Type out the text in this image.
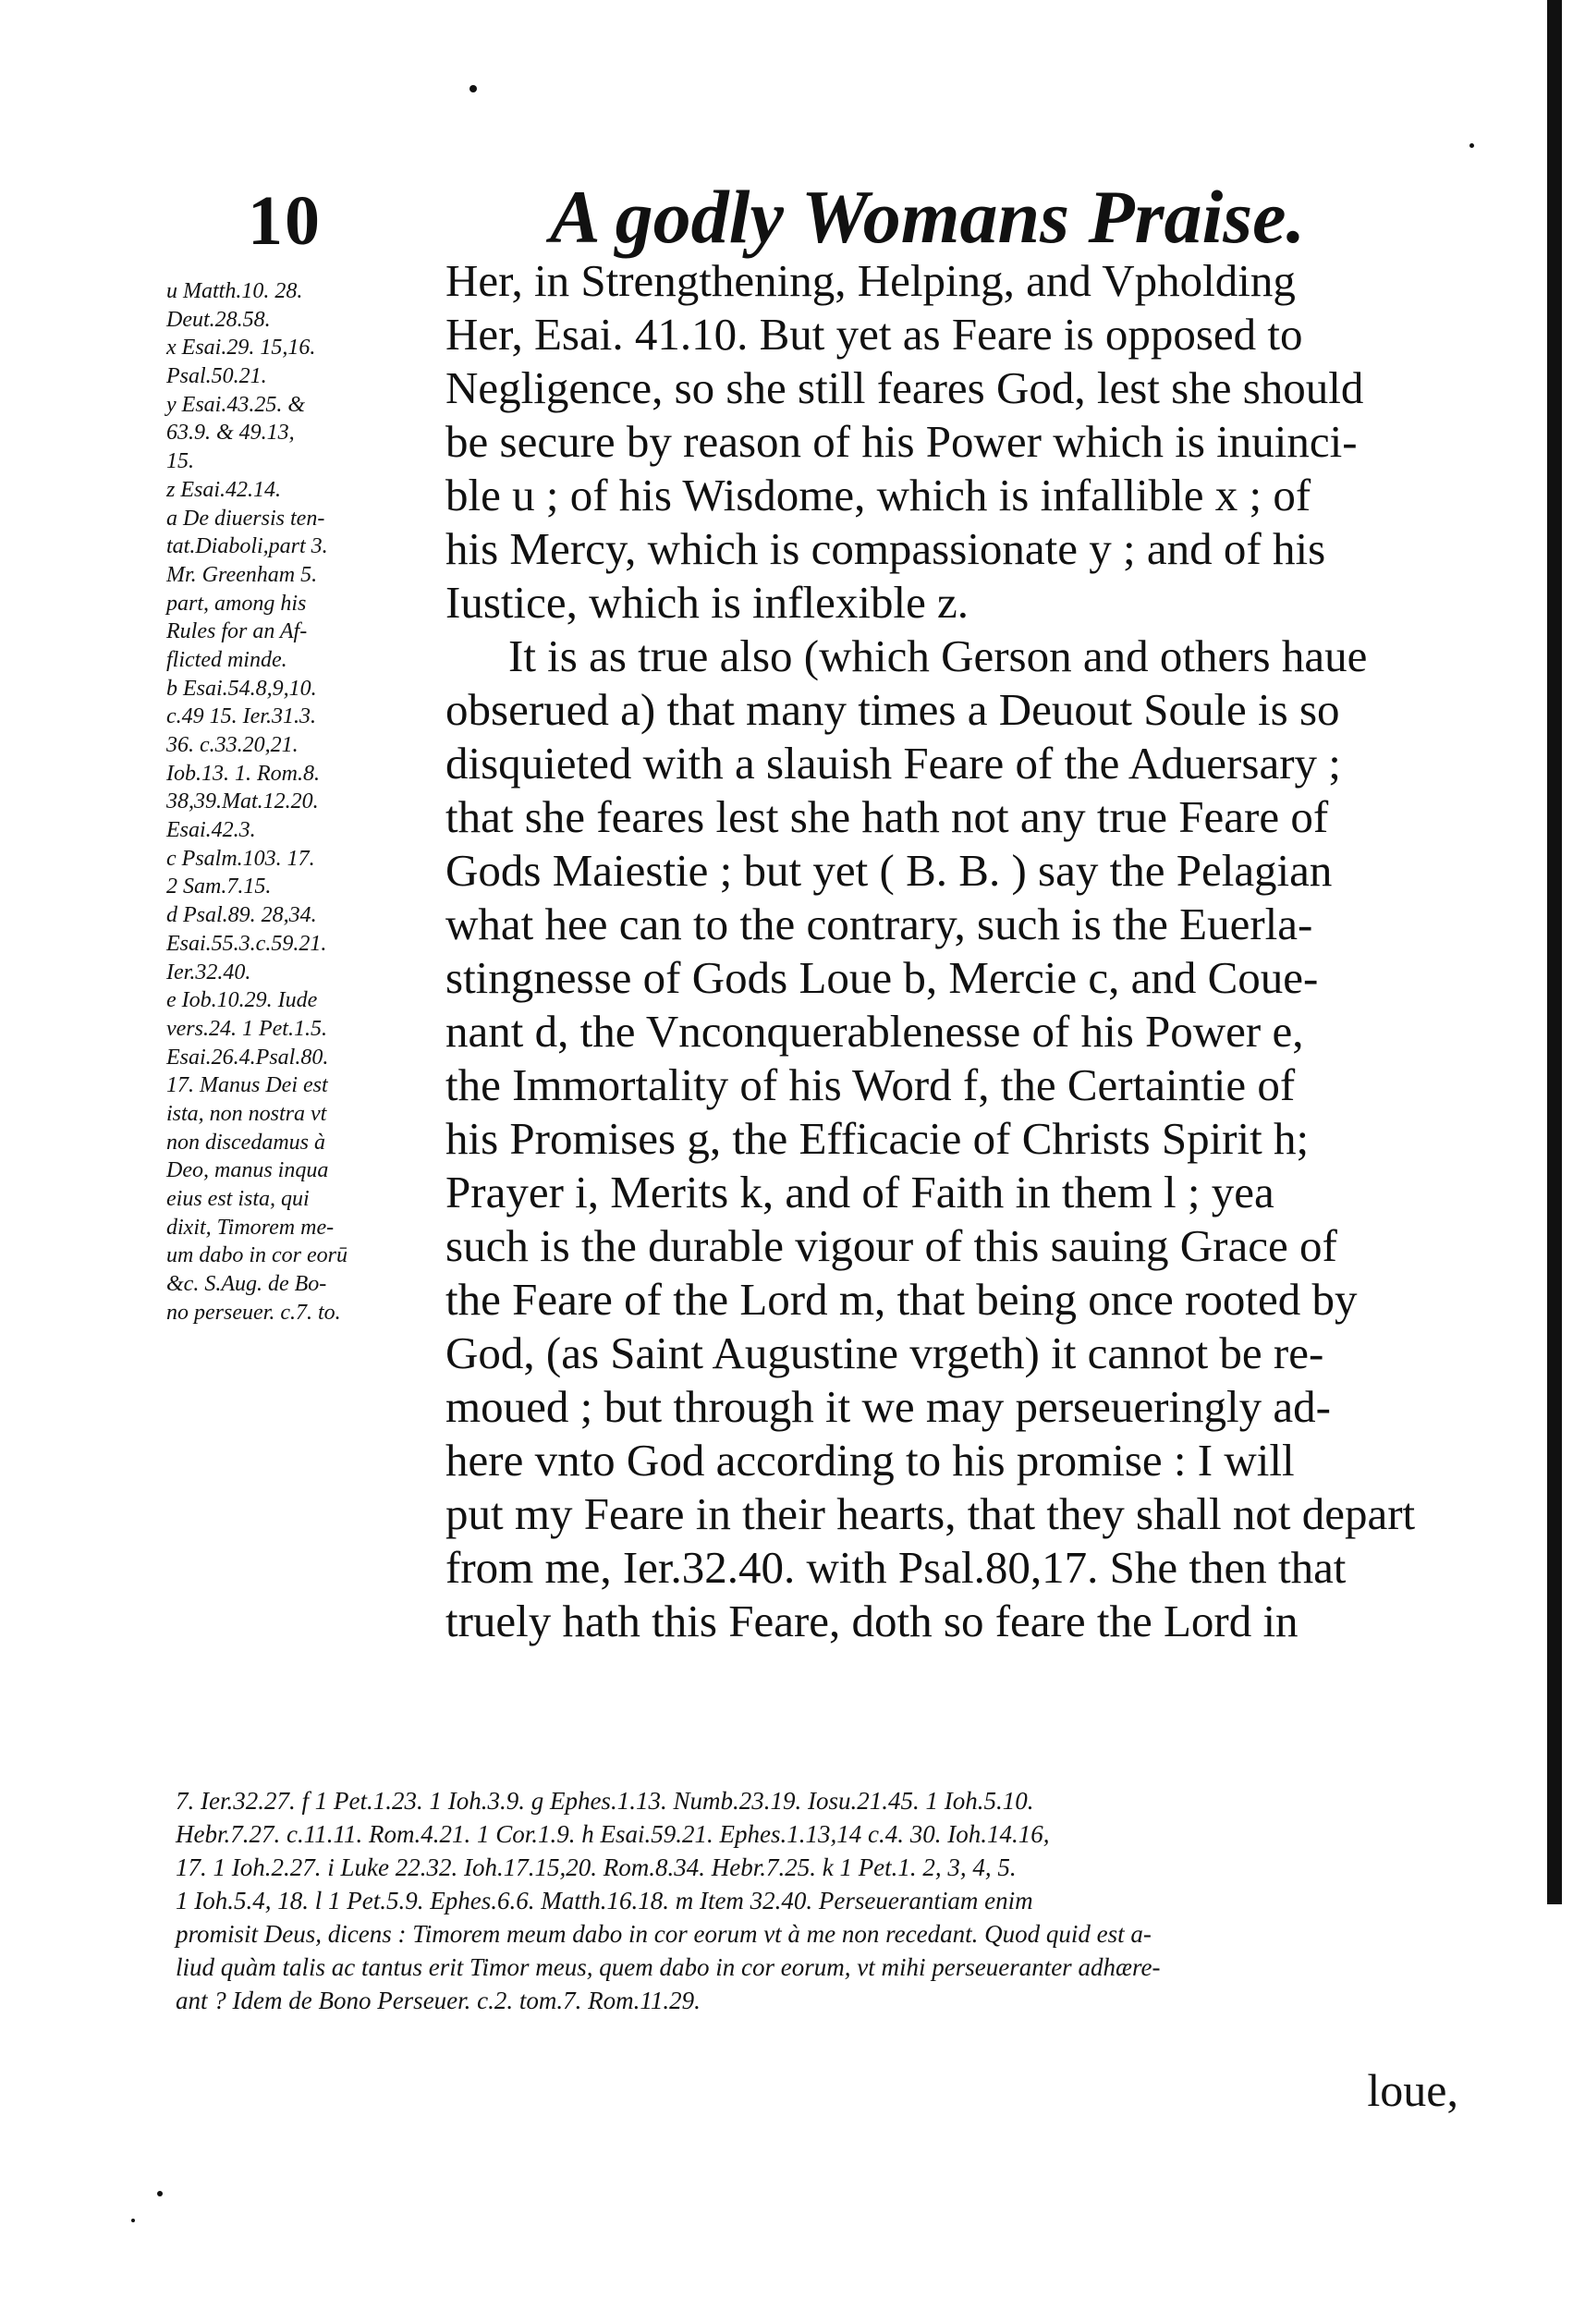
10	A godly Womans Praise.
u Matth.10. 28.
Deut.28.58.
x Esai.29. 15,16.
Psal.50.21.
y Esai.43.25. &
63.9. & 49.13,
15.
z Esai.42.14.
a De diuersis ten-
tat.Diaboli,part 3.
Mr. Greenham 5.
part, among his
Rules for an Af-
flicted minde.
b Esai.54.8,9,10.
c.49 15. Ier.31.3.
36. c.33.20,21.
Iob.13. 1. Rom.8.
38,39.Mat.12.20.
Esai.42.3.
c Psalm.103. 17.
2 Sam.7.15.
d Psal.89. 28,34.
Esai.55.3.c.59.21.
Ier.32.40.
e Iob.10.29. Iude
vers.24. 1 Pet.1.5.
Esai.26.4.Psal.80.
17. Manus Dei est
ista, non nostra vt
non discedamus à
Deo, manus inqua
eius est ista, qui
dixit, Timorem me-
um dabo in cor eorū
&c. S.Aug. de Bo-
no perseuer. c.7. to.
Her, in Strengthening, Helping, and Vpholding
Her, Esai. 41.10. But yet as Feare is opposed to
Negligence, so she still feares God, lest she should
be secure by reason of his Power which is inuinci-
ble u ; of his Wisdome, which is infallible x ; of
his Mercy, which is compassionate y ; and of his
Iustice, which is inflexible z.
It is as true also (which Gerson and others haue
obserued a) that many times a Deuout Soule is so
disquieted with a slauish Feare of the Aduersary ;
that she feares lest she hath not any true Feare of
Gods Maiestie ; but yet ( B. B. ) say the Pelagian
what hee can to the contrary, such is the Euerla-
stingnesse of Gods Loue b, Mercie c, and Coue-
nant d, the Vnconquerablenesse of his Power e,
the Immortality of his Word f, the Certaintie of
his Promises g, the Efficacie of Christs Spirit h;
Prayer i, Merits k, and of Faith in them l ; yea
such is the durable vigour of this sauing Grace of
the Feare of the Lord m, that being once rooted by
God, (as Saint Augustine vrgeth) it cannot be re-
moued ; but through it we may perseueringly ad-
here vnto God according to his promise : I will
put my Feare in their hearts, that they shall not depart
from me, Ier.32.40. with Psal.80,17. She then that
truely hath this Feare, doth so feare the Lord in
7. Ier.32.27. f 1 Pet.1.23. 1 Ioh.3.9. g Ephes.1.13. Numb.23.19. Iosu.21.45. 1 Ioh.5.10.
Hebr.7.27. c.11.11. Rom.4.21. 1 Cor.1.9. h Esai.59.21. Ephes.1.13,14 c.4. 30. Ioh.14.16,
17. 1 Ioh.2.27. i Luke 22.32. Ioh.17.15,20. Rom.8.34. Hebr.7.25. k 1 Pet.1. 2, 3, 4, 5.
1 Ioh.5.4, 18. l 1 Pet.5.9. Ephes.6.6. Matth.16.18. m Item 32.40. Perseuerantiam enim
promisit Deus, dicens : Timorem meum dabo in cor eorum vt à me non recedant. Quod quid est a-
liud quàm talis ac tantus erit Timor meus, quem dabo in cor eorum, vt mihi perseueranter adhære-
ant ? Idem de Bono Perseuer. c.2. tom.7. Rom.11.29.
loue,
